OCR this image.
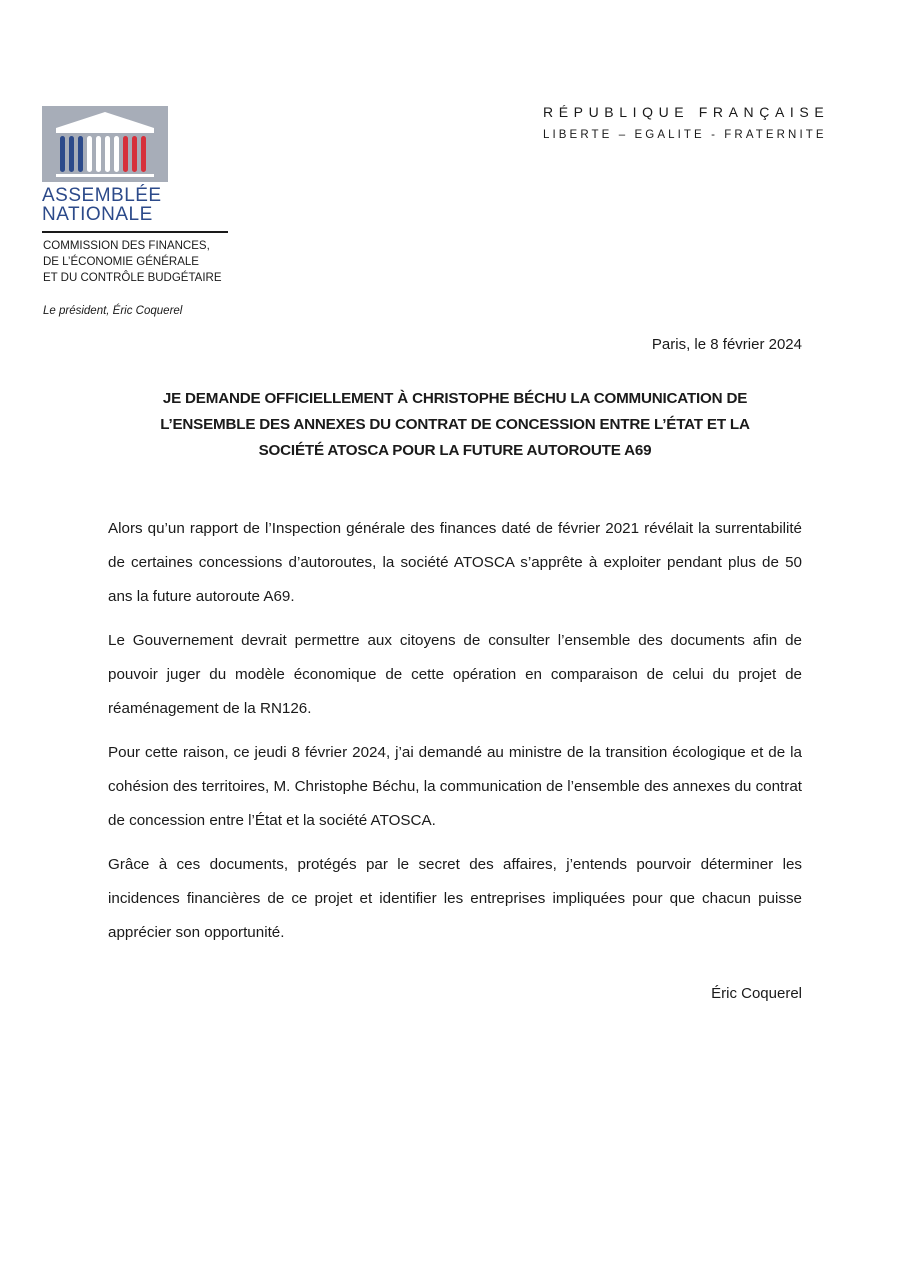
ASSEMBLÉE
NATIONALE
COMMISSION DES FINANCES,
DE L’ÉCONOMIE GÉNÉRALE
ET DU CONTRÔLE BUDGÉTAIRE
Le président, Éric Coquerel
RÉPUBLIQUE FRANÇAISE
LIBERTE – EGALITE - FRATERNITE
Paris, le 8 février 2024
JE DEMANDE OFFICIELLEMENT À CHRISTOPHE BÉCHU LA COMMUNICATION DE
L’ENSEMBLE DES ANNEXES DU CONTRAT DE CONCESSION ENTRE L’ÉTAT ET LA
SOCIÉTÉ ATOSCA POUR LA FUTURE AUTOROUTE A69

Alors qu’un rapport de l’Inspection générale des finances daté de février 2021 révélait la surrentabilité de certaines concessions d’autoroutes, la société ATOSCA s’apprête à exploiter pendant plus de 50 ans la future autoroute A69.

Le Gouvernement devrait permettre aux citoyens de consulter l’ensemble des documents afin de pouvoir juger du modèle économique de cette opération en comparaison de celui du projet de réaménagement de la RN126.

Pour cette raison, ce jeudi 8 février 2024, j’ai demandé au ministre de la transition écologique et de la cohésion des territoires, M. Christophe Béchu, la communication de l’ensemble des annexes du contrat de concession entre l’État et la société ATOSCA.

Grâce à ces documents, protégés par le secret des affaires, j’entends pourvoir déterminer les incidences financières de ce projet et identifier les entreprises impliquées pour que chacun puisse apprécier son opportunité.

Éric Coquerel
